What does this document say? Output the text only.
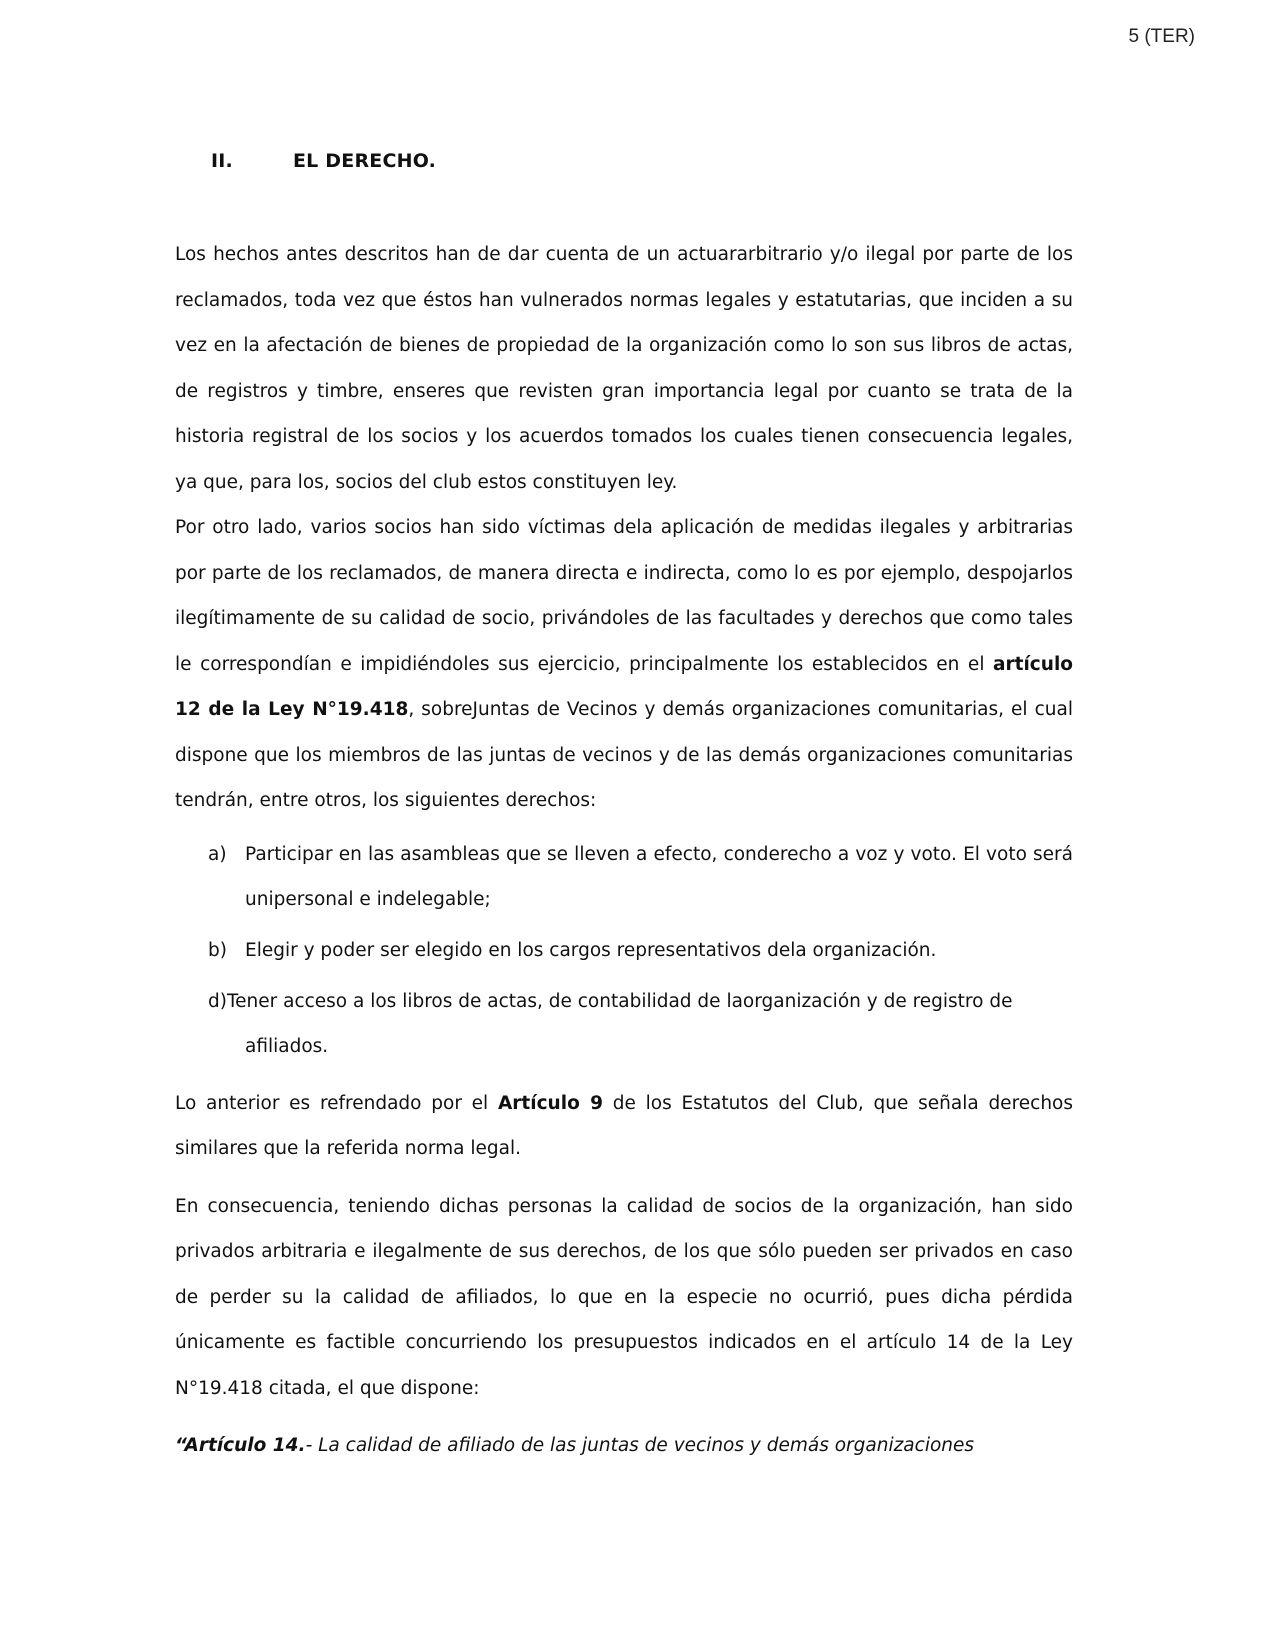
5 (TER)
II.	EL DERECHO.

Los hechos antes descritos han de dar cuenta de un actuararbitrario y/o ilegal por parte de los reclamados, toda vez que éstos han vulnerados normas legales y estatutarias, que inciden a su vez en la afectación de bienes de propiedad de la organización como lo son sus libros de actas, de registros y timbre, enseres que revisten gran importancia legal por cuanto se trata de la historia registral de los socios y los acuerdos tomados los cuales tienen consecuencia legales, ya que, para los, socios del club estos constituyen ley.

Por otro lado, varios socios han sido víctimas dela aplicación de medidas ilegales y arbitrarias por parte de los reclamados, de manera directa e indirecta, como lo es por ejemplo, despojarlos ilegítimamente de su calidad de socio, privándoles de las facultades y derechos que como tales le correspondían e impidiéndoles sus ejercicio, principalmente los establecidos en el artículo 12 de la Ley N°19.418, sobreJuntas de Vecinos y demás organizaciones comunitarias, el cual dispone que los miembros de las juntas de vecinos y de las demás organizaciones comunitarias tendrán, entre otros, los siguientes derechos:

a) Participar en las asambleas que se lleven a efecto, conderecho a voz y voto. El voto será unipersonal e indelegable;
b) Elegir y poder ser elegido en los cargos representativos dela organización.
d)Tener acceso a los libros de actas, de contabilidad de laorganización y de registro de
afiliados.

Lo anterior es refrendado por el Artículo 9 de los Estatutos del Club, que señala derechos similares que la referida norma legal.

En consecuencia, teniendo dichas personas la calidad de socios de la organización, han sido privados arbitraria e ilegalmente de sus derechos, de los que sólo pueden ser privados en caso de perder su la calidad de afiliados, lo que en la especie no ocurrió, pues dicha pérdida únicamente es factible concurriendo los presupuestos indicados en el artículo 14 de la Ley N°19.418 citada, el que dispone:

“Artículo 14.- La calidad de afiliado de las juntas de vecinos y demás organizaciones
